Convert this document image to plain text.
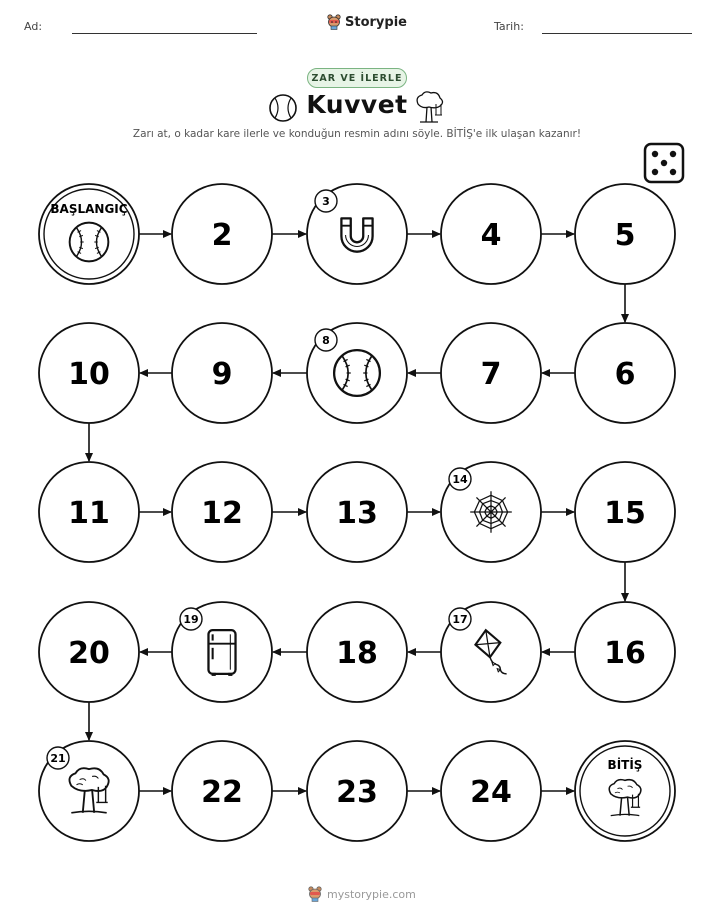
Ad:	Storypie	Tarih:
ZAR VE İLERLE
Kuvvet
Zarı at, o kadar kare ilerle ve konduğun resmin adını söyle. BİTİŞ'e ilk ulaşan kazanır!
BAŞLANGIÇ
2
3
4	5
6
7
8
9
10
11	12	13
14
15
16
17
18
19
20
21
22	23	24
BİTİŞ
mystorypie.com
